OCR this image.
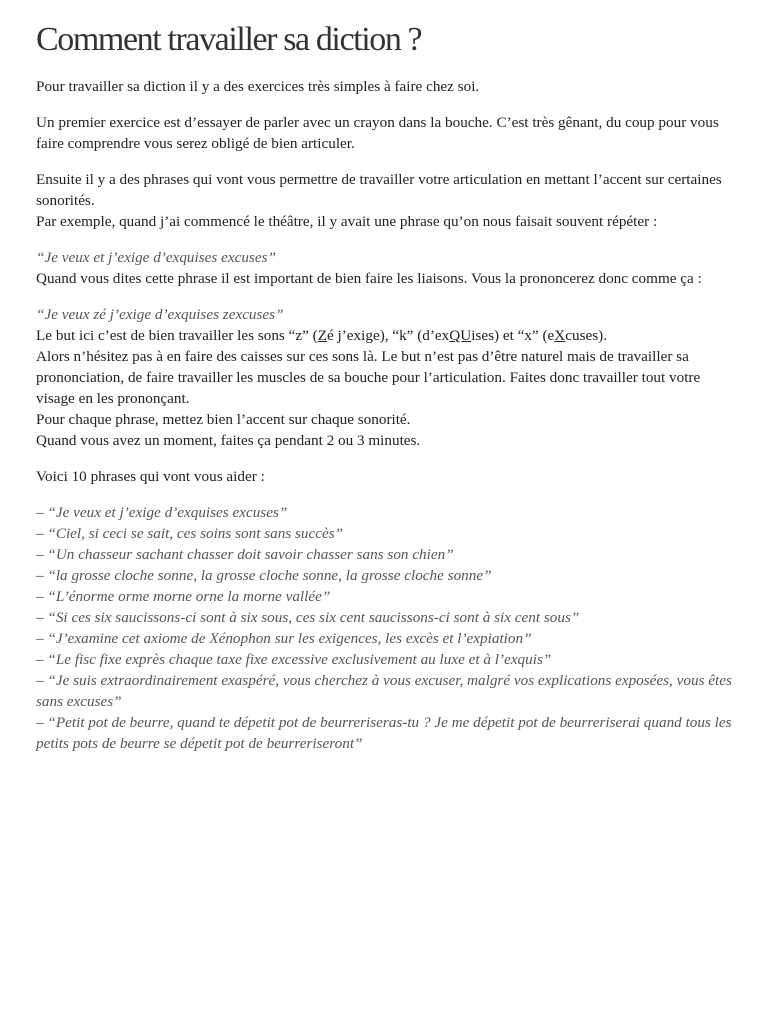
Comment travailler sa diction ?

Pour travailler sa diction il y a des exercices très simples à faire chez soi.

Un premier exercice est d’essayer de parler avec un crayon dans la bouche. C’est très gênant, du coup pour vous faire comprendre vous serez obligé de bien articuler.

Ensuite il y a des phrases qui vont vous permettre de travailler votre articulation en mettant l’accent sur certaines sonorités.
Par exemple, quand j’ai commencé le théâtre, il y avait une phrase qu’on nous faisait souvent répéter :

“Je veux et j’exige d’exquises excuses”
Quand vous dites cette phrase il est important de bien faire les liaisons. Vous la prononcerez donc comme ça :

“Je veux zé j’exige d’exquises zexcuses”
Le but ici c’est de bien travailler les sons “z” (Zé j’exige), “k” (d’exQUises) et “x” (eXcuses).
Alors n’hésitez pas à en faire des caisses sur ces sons là. Le but n’est pas d’être naturel mais de travailler sa prononciation, de faire travailler les muscles de sa bouche pour l’articulation. Faites donc travailler tout votre visage en les prononçant.
Pour chaque phrase, mettez bien l’accent sur chaque sonorité.
Quand vous avez un moment, faites ça pendant 2 ou 3 minutes.

Voici 10 phrases qui vont vous aider :

– “Je veux et j’exige d’exquises excuses”
– “Ciel, si ceci se sait, ces soins sont sans succès”
– “Un chasseur sachant chasser doit savoir chasser sans son chien”
– “la grosse cloche sonne, la grosse cloche sonne, la grosse cloche sonne”
– “L’énorme orme morne orne la morne vallée”
– “Si ces six saucissons-ci sont à six sous, ces six cent saucissons-ci sont à six cent sous”
– “J’examine cet axiome de Xénophon sur les exigences, les excès et l’expiation”
– “Le fisc fixe exprès chaque taxe fixe excessive exclusivement au luxe et à l’exquis”
– “Je suis extraordinairement exaspéré, vous cherchez à vous excuser, malgré vos explications exposées, vous êtes sans excuses”
– “Petit pot de beurre, quand te dépetit pot de beurreriseras-tu ? Je me dépetit pot de beurreriserai quand tous les petits pots de beurre se dépetit pot de beurreriseront”
